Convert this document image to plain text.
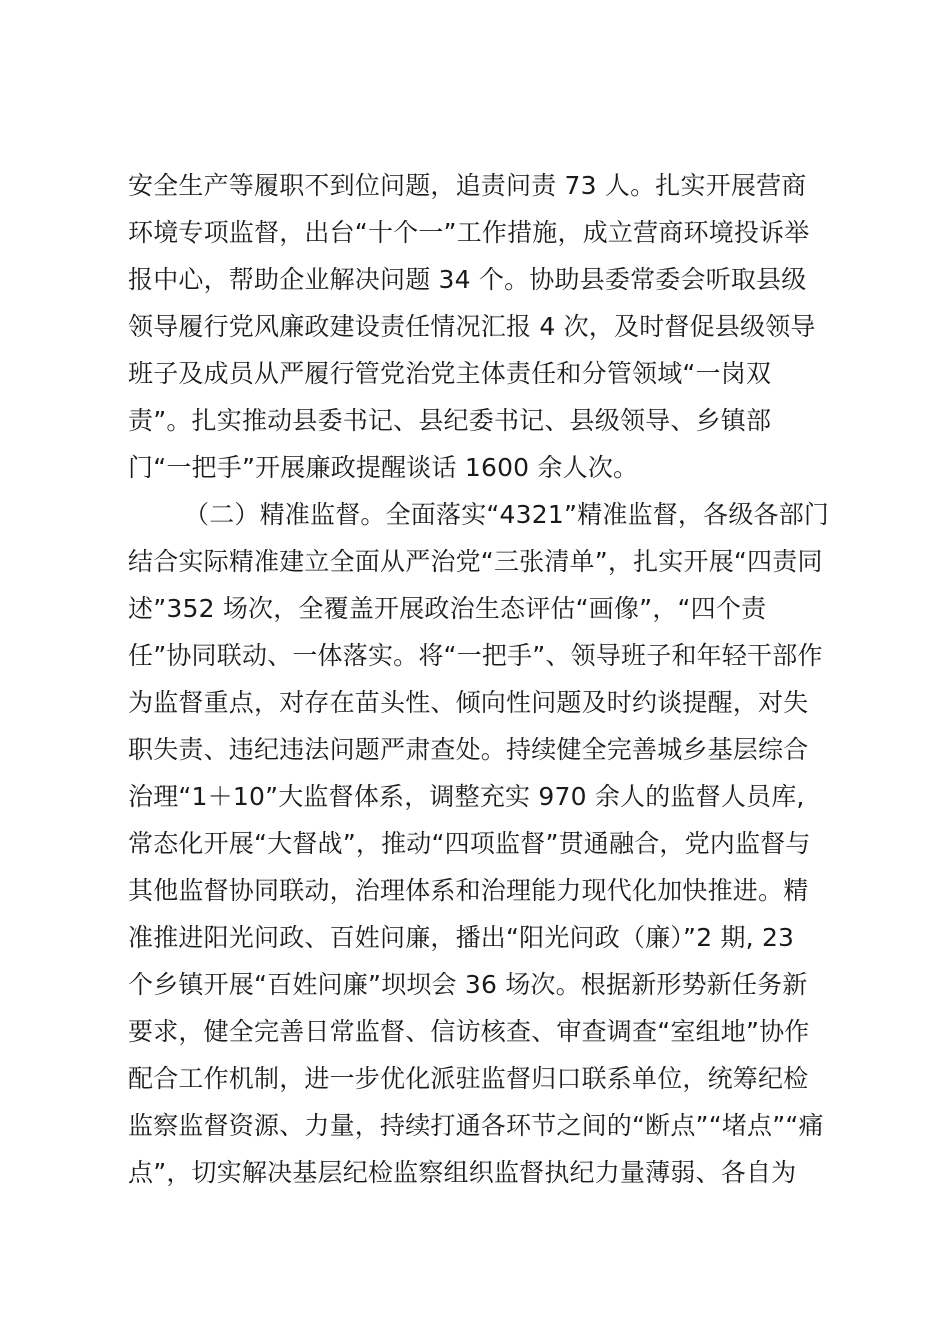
安全生产等履职不到位问题，追责问责 73 人。扎实开展营商
环境专项监督，出台“十个一”工作措施，成立营商环境投诉举
报中心，帮助企业解决问题 34 个。协助县委常委会听取县级
领导履行党风廉政建设责任情况汇报 4 次，及时督促县级领导
班子及成员从严履行管党治党主体责任和分管领域“一岗双
责”。扎实推动县委书记、县纪委书记、县级领导、乡镇部
门“一把手”开展廉政提醒谈话 1600 余人次。
（二）精准监督。全面落实“4321”精准监督，各级各部门
结合实际精准建立全面从严治党“三张清单”，扎实开展“四责同
述”352 场次，全覆盖开展政治生态评估“画像”，“四个责
任”协同联动、一体落实。将“一把手”、领导班子和年轻干部作
为监督重点，对存在苗头性、倾向性问题及时约谈提醒，对失
职失责、违纪违法问题严肃查处。持续健全完善城乡基层综合
治理“1＋10”大监督体系，调整充实 970 余人的监督人员库,
常态化开展“大督战”，推动“四项监督”贯通融合，党内监督与
其他监督协同联动，治理体系和治理能力现代化加快推进。精
准推进阳光问政、百姓问廉，播出“阳光问政（廉）”2 期, 23
个乡镇开展“百姓问廉”坝坝会 36 场次。根据新形势新任务新
要求，健全完善日常监督、信访核查、审查调查“室组地”协作
配合工作机制，进一步优化派驻监督归口联系单位，统筹纪检
监察监督资源、力量，持续打通各环节之间的“断点”“堵点”“痛
点”，切实解决基层纪检监察组织监督执纪力量薄弱、各自为
